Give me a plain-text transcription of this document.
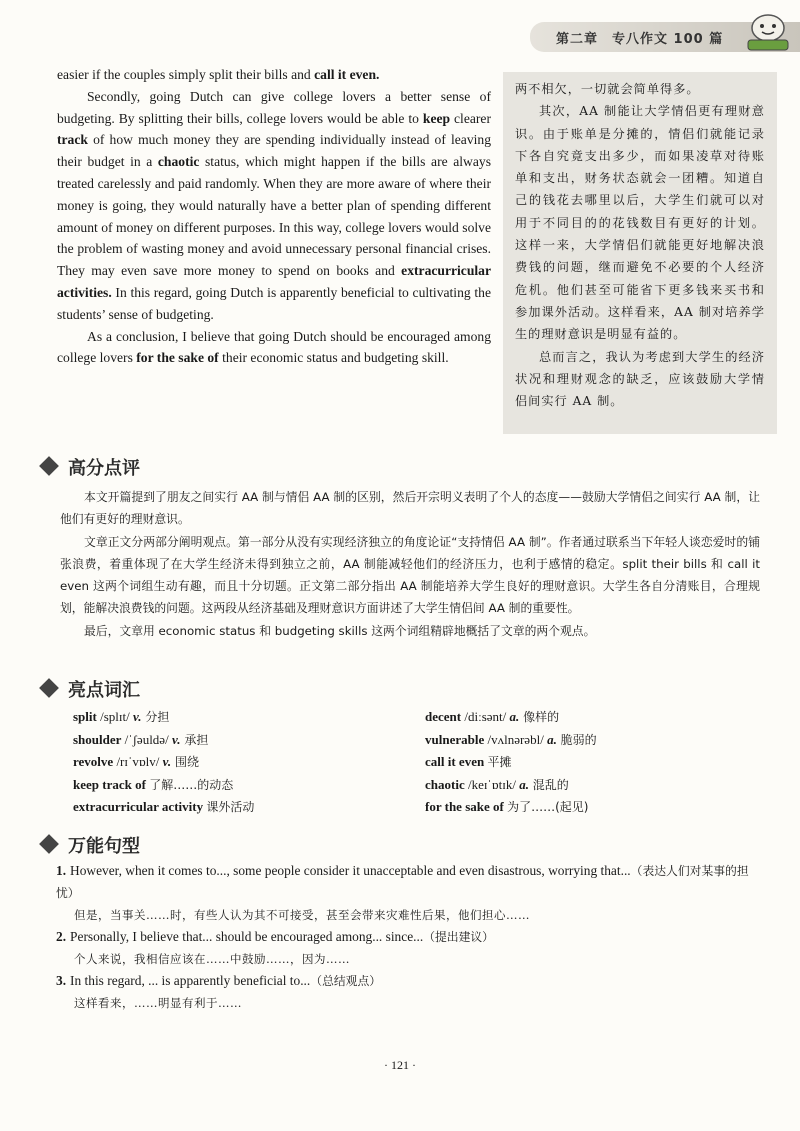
第二章　专八作文 100 篇

easier if the couples simply split their bills and call it even.

Secondly, going Dutch can give college lovers a better sense of budgeting. By splitting their bills, college lovers would be able to keep clearer track of how much money they are spending individually instead of leaving their budget in a chaotic status, which might happen if the bills are always treated carelessly and paid randomly. When they are more aware of where their money is going, they would naturally have a better plan of spending different amount of money on different purposes. In this way, college lovers would solve the problem of wasting money and avoid unnecessary personal financial crises. They may even save more money to spend on books and extracurricular activities. In this regard, going Dutch is apparently beneficial to cultivating the students’ sense of budgeting.

As a conclusion, I believe that going Dutch should be encouraged among college lovers for the sake of their economic status and budgeting skill.

两不相欠，一切就会简单得多。

其次，AA 制能让大学情侣更有理财意识。由于账单是分摊的，情侣们就能记录下各自究竟支出多少，而如果凌草对待账单和支出，财务状态就会一团糟。知道自己的钱花去哪里以后，大学生们就可以对用于不同目的的花钱数目有更好的计划。这样一来，大学情侣们就能更好地解决浪费钱的问题，继而避免不必要的个人经济危机。他们甚至可能省下更多钱来买书和参加课外活动。这样看来，AA 制对培养学生的理财意识是明显有益的。

总而言之，我认为考虑到大学生的经济状况和理财观念的缺乏，应该鼓励大学情侣间实行 AA 制。

高分点评

本文开篇提到了朋友之间实行 AA 制与情侣 AA 制的区别，然后开宗明义表明了个人的态度——鼓励大学情侣之间实行 AA 制，让他们有更好的理财意识。

文章正文分两部分阐明观点。第一部分从没有实现经济独立的角度论证“支持情侣 AA 制”。作者通过联系当下年轻人谈恋爱时的铺张浪费，着重体现了在大学生经济未得到独立之前，AA 制能减轻他们的经济压力，也利于感情的稳定。split their bills 和 call it even 这两个词组生动有趣，而且十分切题。正文第二部分指出 AA 制能培养大学生良好的理财意识。大学生各自分清账目，合理规划，能解决浪费钱的问题。这两段从经济基础及理财意识方面讲述了大学生情侣间 AA 制的重要性。

最后，文章用 economic status 和 budgeting skills 这两个词组精辟地概括了文章的两个观点。

亮点词汇
split /splɪt/ v. 分担
shoulder /ˈʃəuldə/ v. 承担
revolve /rɪˈvɒlv/ v. 围绕
keep track of 了解……的动态
extracurricular activity 课外活动
decent /diːsənt/ a. 像样的
vulnerable /vʌlnərəbl/ a. 脆弱的
call it even 平摊
chaotic /keɪˈɒtɪk/ a. 混乱的
for the sake of 为了……(起见)
万能句型
1. However, when it comes to..., some people consider it unacceptable and even disastrous, worrying that...（表达人们对某事的担忧）
但是，当事关……时，有些人认为其不可接受，甚至会带来灾难性后果，他们担心……
2. Personally, I believe that... should be encouraged among... since...（提出建议）
个人来说，我相信应该在……中鼓励……，因为……
3. In this regard, ... is apparently beneficial to...（总结观点）
这样看来，……明显有利于……
· 121 ·
